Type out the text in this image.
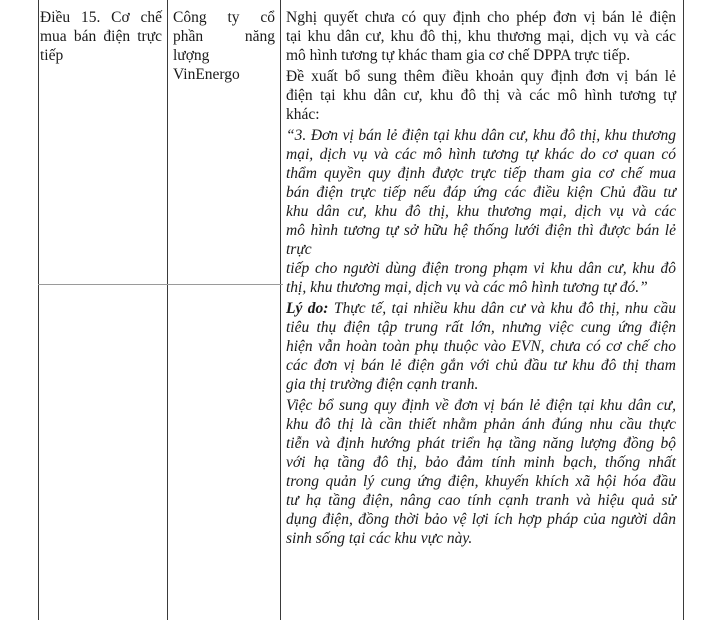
Điều 15. Cơ chế
mua bán điện trực
tiếp
Công ty cổ
phần năng
lượng
VinEnergo
Nghị quyết chưa có quy định cho phép đơn vị bán lẻ điện
tại khu dân cư, khu đô thị, khu thương mại, dịch vụ và các
mô hình tương tự khác tham gia cơ chế DPPA trực tiếp.
Đề xuất bổ sung thêm điều khoản quy định đơn vị bán lẻ
điện tại khu dân cư, khu đô thị và các mô hình tương tự
khác:
“3. Đơn vị bán lẻ điện tại khu dân cư, khu đô thị, khu thương
mại, dịch vụ và các mô hình tương tự khác do cơ quan có
thẩm quyền quy định được trực tiếp tham gia cơ chế mua
bán điện trực tiếp nếu đáp ứng các điều kiện Chủ đầu tư
khu dân cư, khu đô thị, khu thương mại, dịch vụ và các
mô hình tương tự sở hữu hệ thống lưới điện thì được bán lẻ trực
tiếp cho người dùng điện trong phạm vi khu dân cư, khu đô
thị, khu thương mại, dịch vụ và các mô hình tương tự đó.”
Lý do: Thực tế, tại nhiều khu dân cư và khu đô thị, nhu cầu
tiêu thụ điện tập trung rất lớn, nhưng việc cung ứng điện
hiện vẫn hoàn toàn phụ thuộc vào EVN, chưa có cơ chế cho
các đơn vị bán lẻ điện gắn với chủ đầu tư khu đô thị tham
gia thị trường điện cạnh tranh.
Việc bổ sung quy định về đơn vị bán lẻ điện tại khu dân cư,
khu đô thị là cần thiết nhằm phản ánh đúng nhu cầu thực
tiễn và định hướng phát triển hạ tầng năng lượng đồng bộ
với hạ tầng đô thị, bảo đảm tính minh bạch, thống nhất
trong quản lý cung ứng điện, khuyến khích xã hội hóa đầu
tư hạ tầng điện, nâng cao tính cạnh tranh và hiệu quả sử
dụng điện, đồng thời bảo vệ lợi ích hợp pháp của người dân
sinh sống tại các khu vực này.
